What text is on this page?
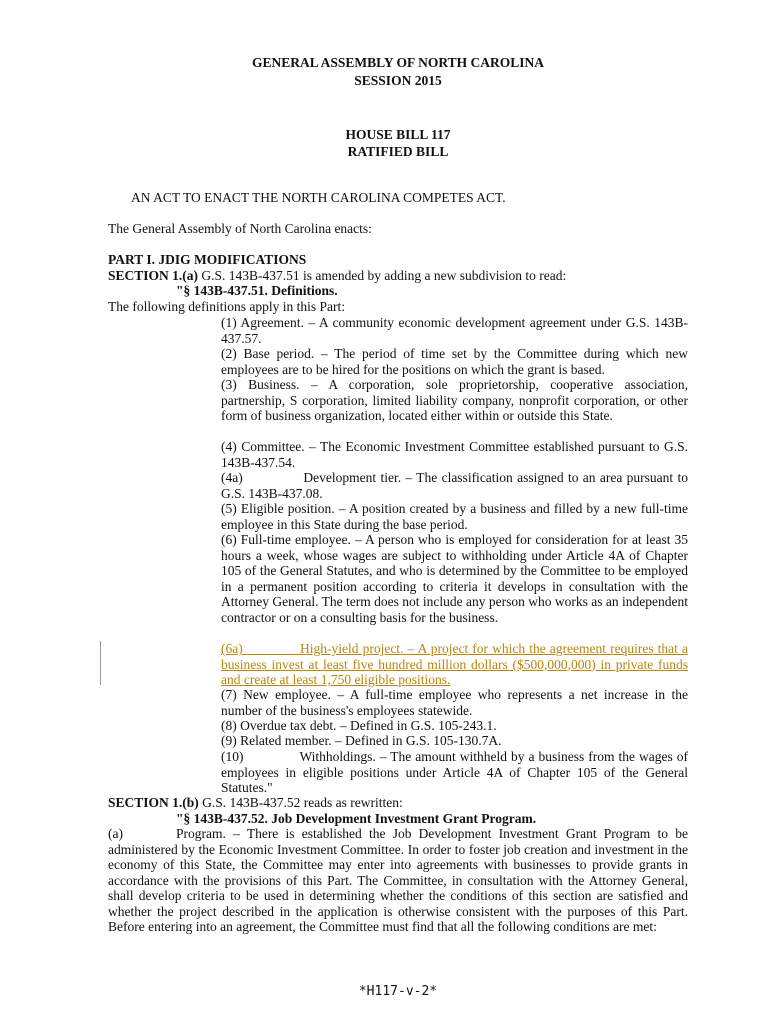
GENERAL ASSEMBLY OF NORTH CAROLINA
SESSION 2015
HOUSE BILL 117
RATIFIED BILL
AN ACT TO ENACT THE NORTH CAROLINA COMPETES ACT.
The General Assembly of North Carolina enacts:
PART I. JDIG MODIFICATIONS
SECTION 1.(a) G.S. 143B-437.51 is amended by adding a new subdivision to read:
"§ 143B-437.51. Definitions.
The following definitions apply in this Part:
(1) Agreement. – A community economic development agreement under G.S. 143B-437.57.
(2) Base period. – The period of time set by the Committee during which new employees are to be hired for the positions on which the grant is based.
(3) Business. – A corporation, sole proprietorship, cooperative association, partnership, S corporation, limited liability company, nonprofit corporation, or other form of business organization, located either within or outside this State.
(4) Committee. – The Economic Investment Committee established pursuant to G.S. 143B-437.54.
(4a)              Development tier. – The classification assigned to an area pursuant to G.S. 143B-437.08.
(5) Eligible position. – A position created by a business and filled by a new full-time employee in this State during the base period.
(6) Full-time employee. – A person who is employed for consideration for at least 35 hours a week, whose wages are subject to withholding under Article 4A of Chapter 105 of the General Statutes, and who is determined by the Committee to be employed in a permanent position according to criteria it develops in consultation with the Attorney General. The term does not include any person who works as an independent contractor or on a consulting basis for the business.
(6a)              High-yield project. – A project for which the agreement requires that a business invest at least five hundred million dollars ($500,000,000) in private funds and create at least 1,750 eligible positions.
(7) New employee. – A full-time employee who represents a net increase in the number of the business's employees statewide.
(8) Overdue tax debt. – Defined in G.S. 105-243.1.
(9) Related member. – Defined in G.S. 105-130.7A.
(10)              Withholdings. – The amount withheld by a business from the wages of employees in eligible positions under Article 4A of Chapter 105 of the General Statutes."
SECTION 1.(b) G.S. 143B-437.52 reads as rewritten:
"§ 143B-437.52. Job Development Investment Grant Program.
(a)	Program. – There is established the Job Development Investment Grant Program to be administered by the Economic Investment Committee. In order to foster job creation and investment in the economy of this State, the Committee may enter into agreements with businesses to provide grants in accordance with the provisions of this Part. The Committee, in consultation with the Attorney General, shall develop criteria to be used in determining whether the conditions of this section are satisfied and whether the project described in the application is otherwise consistent with the purposes of this Part. Before entering into an agreement, the Committee must find that all the following conditions are met:
*H117-v-2*
